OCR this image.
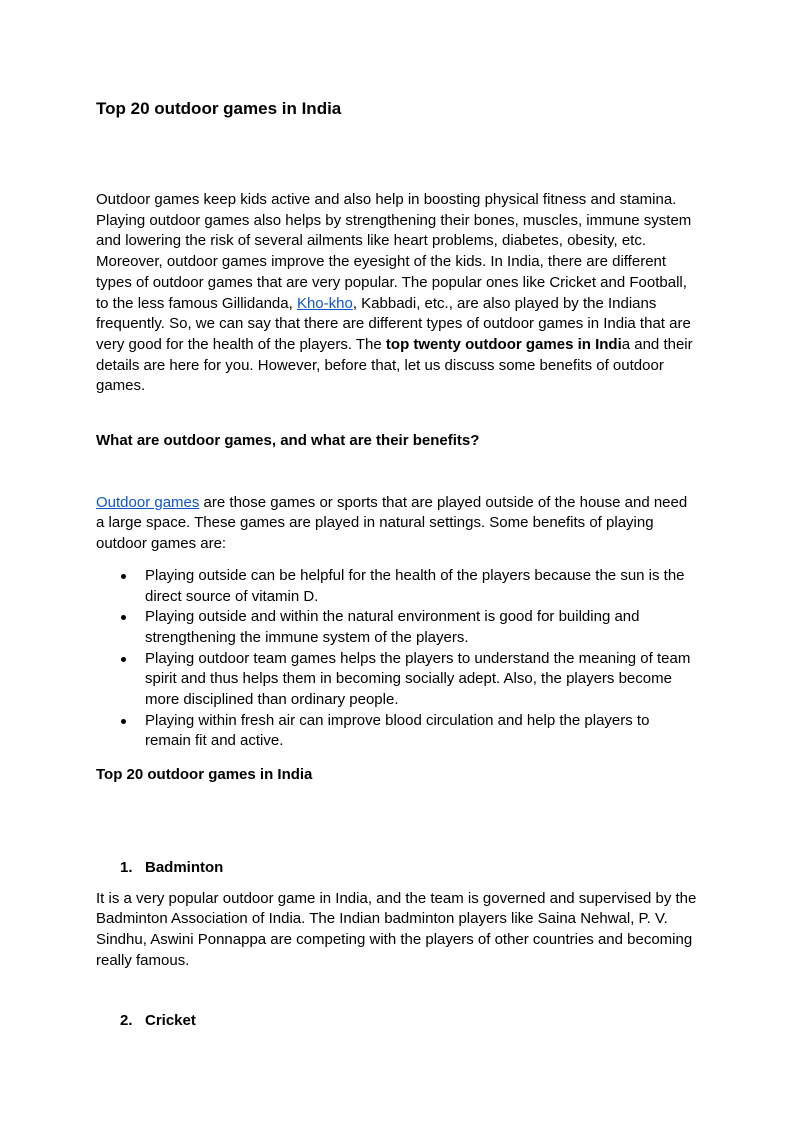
Top 20 outdoor games in India

Outdoor games keep kids active and also help in boosting physical fitness and stamina. Playing outdoor games also helps by strengthening their bones, muscles, immune system and lowering the risk of several ailments like heart problems, diabetes, obesity, etc. Moreover, outdoor games improve the eyesight of the kids. In India, there are different types of outdoor games that are very popular. The popular ones like Cricket and Football, to the less famous Gillidanda, Kho-kho, Kabbadi, etc., are also played by the Indians frequently. So, we can say that there are different types of outdoor games in India that are very good for the health of the players. The top twenty outdoor games in India and their details are here for you. However, before that, let us discuss some benefits of outdoor games.

What are outdoor games, and what are their benefits?

Outdoor games are those games or sports that are played outside of the house and need a large space. These games are played in natural settings. Some benefits of playing outdoor games are:

Playing outside can be helpful for the health of the players because the sun is the direct source of vitamin D.
Playing outside and within the natural environment is good for building and strengthening the immune system of the players.
Playing outdoor team games helps the players to understand the meaning of team spirit and thus helps them in becoming socially adept. Also, the players become more disciplined than ordinary people.
Playing within fresh air can improve blood circulation and help the players to remain fit and active.
Top 20 outdoor games in India
1. Badminton

It is a very popular outdoor game in India, and the team is governed and supervised by the Badminton Association of India. The Indian badminton players like Saina Nehwal, P. V. Sindhu, Aswini Ponnappa are competing with the players of other countries and becoming really famous.

2. Cricket
